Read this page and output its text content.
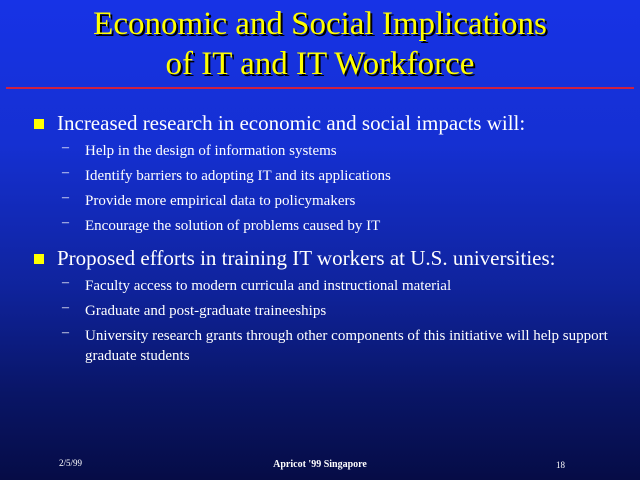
Economic and Social Implications
of IT and IT Workforce
Increased research in economic and social impacts will:
– Help in the design of information systems
– Identify barriers to adopting IT and its applications
– Provide more empirical data to policymakers
– Encourage the solution of problems caused by IT
Proposed efforts in training IT workers at U.S. universities:
– Faculty access to modern curricula and instructional material
– Graduate and post-graduate traineeships
– University research grants through other components of this initiative will help support graduate students
2/5/99	Apricot '99 Singapore	18
